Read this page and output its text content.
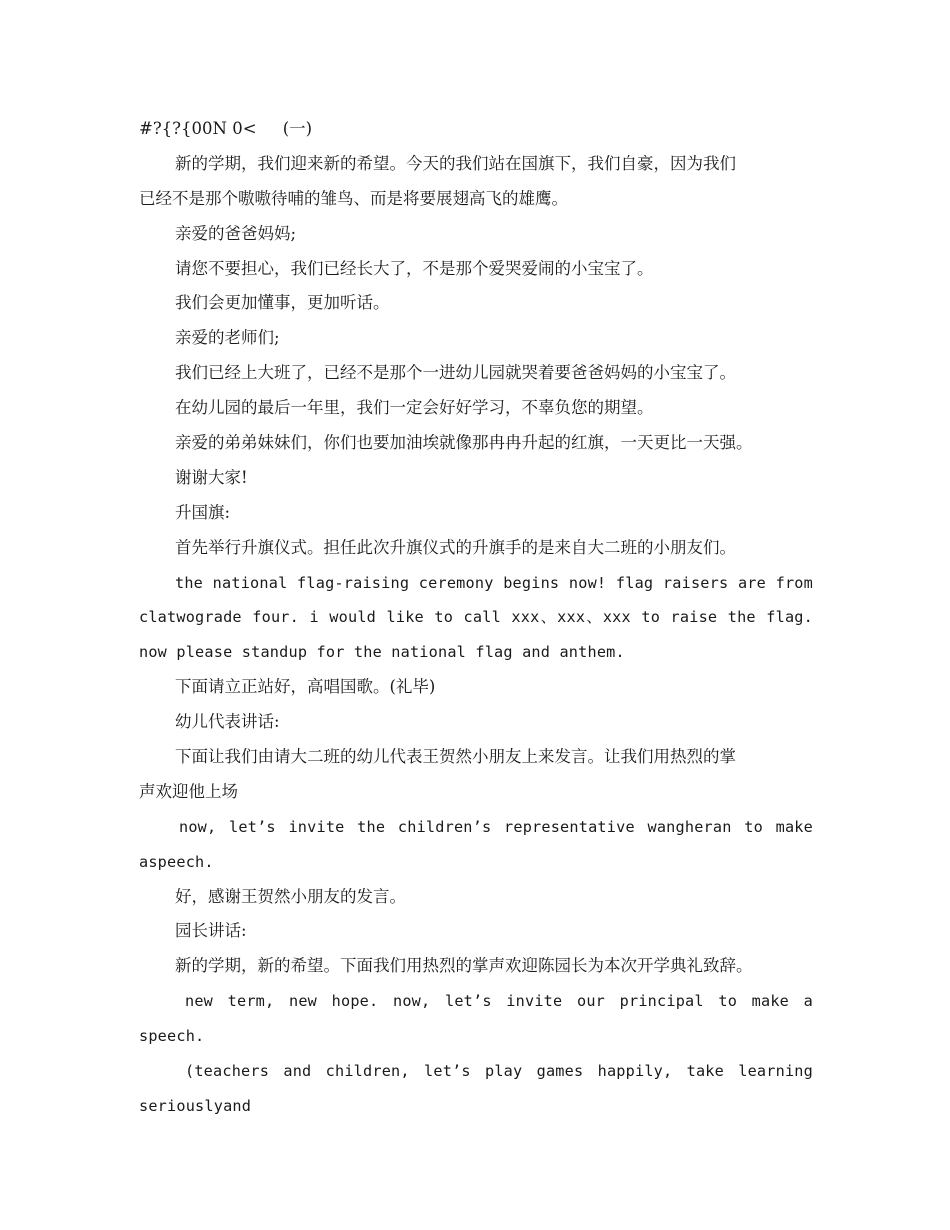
#?{?{00N 0<     (一)
新的学期，我们迎来新的希望。今天的我们站在国旗下，我们自豪，因为我们
已经不是那个嗷嗷待哺的雏鸟、而是将要展翅高飞的雄鹰。
亲爱的爸爸妈妈;
请您不要担心，我们已经长大了，不是那个爱哭爱闹的小宝宝了。
我们会更加懂事，更加听话。
亲爱的老师们;
我们已经上大班了，已经不是那个一进幼儿园就哭着要爸爸妈妈的小宝宝了。
在幼儿园的最后一年里，我们一定会好好学习，不辜负您的期望。
亲爱的弟弟妹妹们，你们也要加油埃就像那冉冉升起的红旗，一天更比一天强。
谢谢大家!
升国旗:
首先举行升旗仪式。担任此次升旗仪式的升旗手的是来自大二班的小朋友们。
the national flag-raising ceremony begins now! flag raisers are from
clatwograde four. i would like to call xxx、xxx、xxx to raise the flag.
now please standup for the national flag and anthem.
下面请立正站好，高唱国歌。(礼毕)
幼儿代表讲话:
下面让我们由请大二班的幼儿代表王贺然小朋友上来发言。让我们用热烈的掌
声欢迎他上场
now, let’s invite the children’s representative wangheran to make
aspeech.
好，感谢王贺然小朋友的发言。
园长讲话:
新的学期，新的希望。下面我们用热烈的掌声欢迎陈园长为本次开学典礼致辞。
new term, new hope. now, let’s invite our principal to make a
speech.
(teachers and children, let’s play games happily, take learning
seriouslyand
